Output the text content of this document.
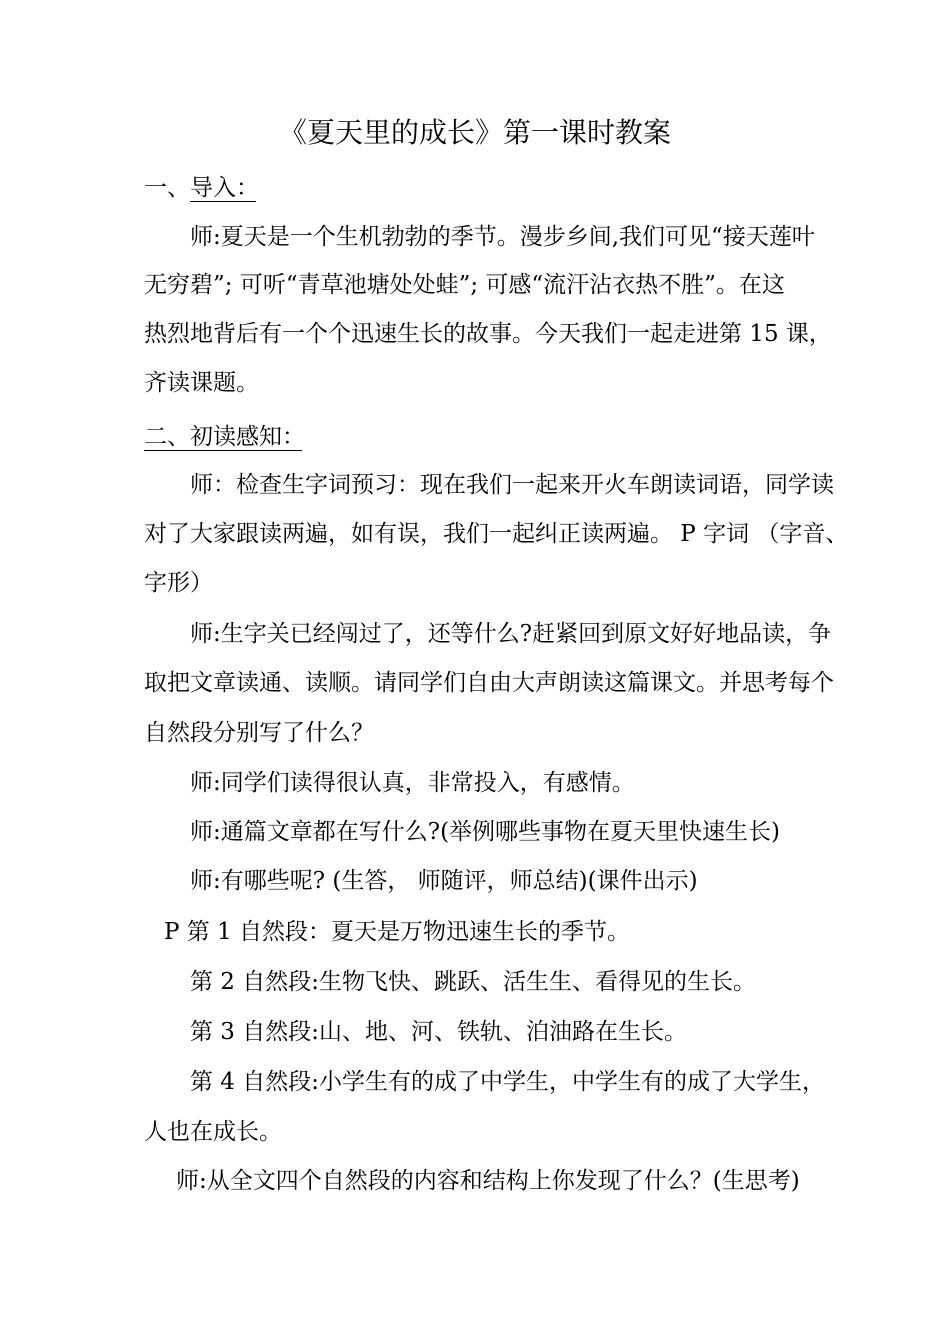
《夏天里的成长》第一课时教案
一、导入：
师:夏天是一个生机勃勃的季节。漫步乡间,我们可见“接天莲叶
无穷碧”; 可听“青草池塘处处蛙”; 可感“流汗沾衣热不胜”。在这
热烈地背后有一个个迅速生长的故事。今天我们一起走进第 15 课，
齐读课题。
二、初读感知：
师：检查生字词预习：现在我们一起来开火车朗读词语，同学读
对了大家跟读两遍，如有误，我们一起纠正读两遍。 P 字词 （字音、
字形）
师:生字关已经闯过了，还等什么?赶紧回到原文好好地品读，争
取把文章读通、读顺。请同学们自由大声朗读这篇课文。并思考每个
自然段分别写了什么？
师:同学们读得很认真，非常投入，有感情。
师:通篇文章都在写什么?(举例哪些事物在夏天里快速生长)
师:有哪些呢? (生答， 师随评，师总结)(课件出示)
P 第 1 自然段：夏天是万物迅速生长的季节。
第 2 自然段:生物飞快、跳跃、活生生、看得见的生长。
第 3 自然段:山、地、河、铁轨、泊油路在生长。
第 4 自然段:小学生有的成了中学生，中学生有的成了大学生，
人也在成长。
师:从全文四个自然段的内容和结构上你发现了什么？(生思考)
